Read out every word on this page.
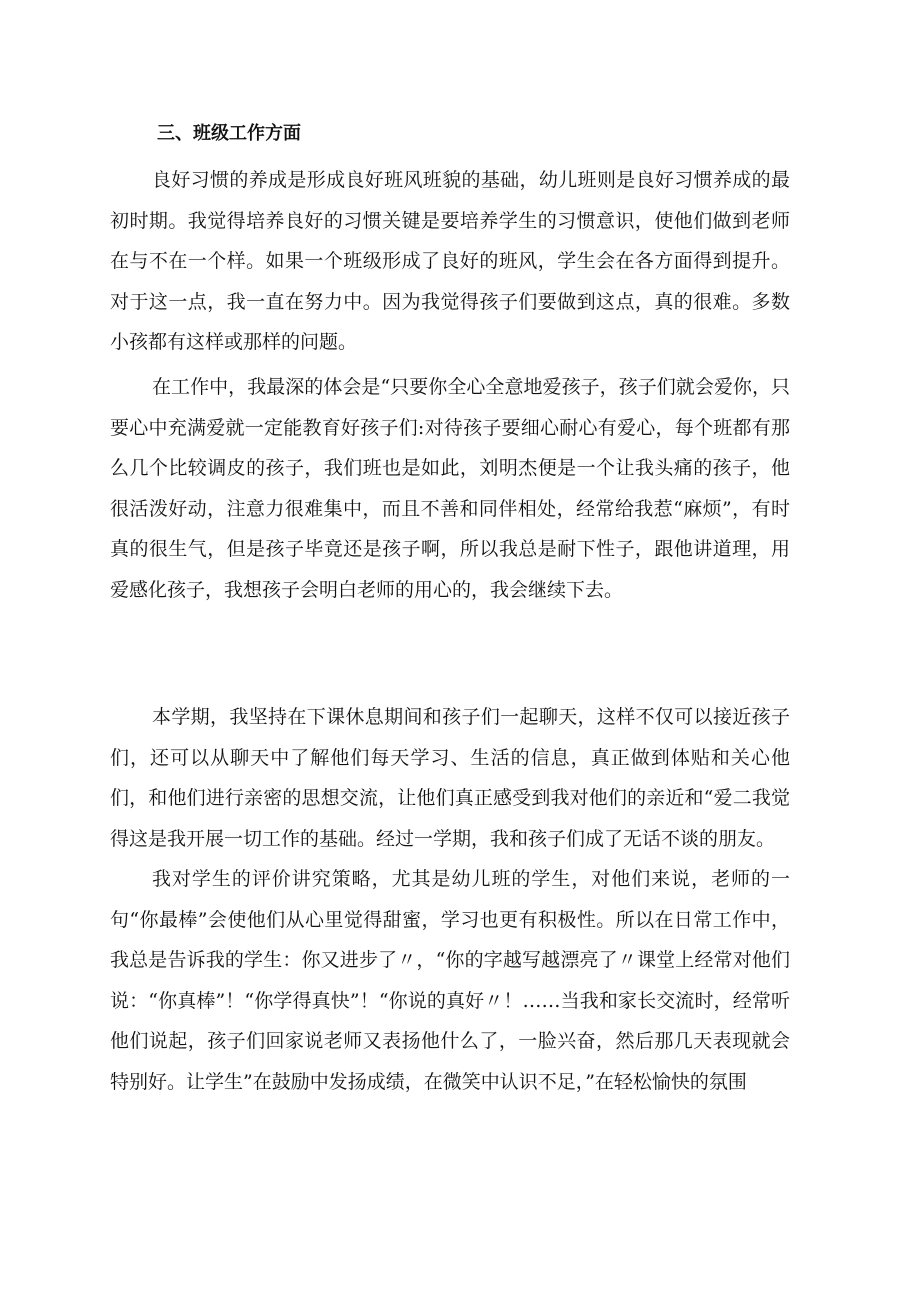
三、班级工作方面

良好习惯的养成是形成良好班风班貌的基础，幼儿班则是良好习惯养成的最初时期。我觉得培养良好的习惯关键是要培养学生的习惯意识，使他们做到老师在与不在一个样。如果一个班级形成了良好的班风，学生会在各方面得到提升。对于这一点，我一直在努力中。因为我觉得孩子们要做到这点，真的很难。多数小孩都有这样或那样的问题。

在工作中，我最深的体会是“只要你全心全意地爱孩子，孩子们就会爱你，只要心中充满爱就一定能教育好孩子们:对待孩子要细心耐心有爱心，每个班都有那么几个比较调皮的孩子，我们班也是如此，刘明杰便是一个让我头痛的孩子，他很活泼好动，注意力很难集中，而且不善和同伴相处，经常给我惹“麻烦”，有时真的很生气，但是孩子毕竟还是孩子啊，所以我总是耐下性子，跟他讲道理，用爱感化孩子，我想孩子会明白老师的用心的，我会继续下去。

本学期，我坚持在下课休息期间和孩子们一起聊天，这样不仅可以接近孩子们，还可以从聊天中了解他们每天学习、生活的信息，真正做到体贴和关心他们，和他们进行亲密的思想交流，让他们真正感受到我对他们的亲近和“爱二我觉得这是我开展一切工作的基础。经过一学期，我和孩子们成了无话不谈的朋友。

我对学生的评价讲究策略，尤其是幼儿班的学生，对他们来说，老师的一句“你最棒”会使他们从心里觉得甜蜜，学习也更有积极性。所以在日常工作中，我总是告诉我的学生：你又进步了〃，“你的字越写越漂亮了〃课堂上经常对他们说：“你真棒”！“你学得真快”！“你说的真好〃！……当我和家长交流时，经常听他们说起，孩子们回家说老师又表扬他什么了，一脸兴奋，然后那几天表现就会特别好。让学生”在鼓励中发扬成绩，在微笑中认识不足，”在轻松愉快的氛围
